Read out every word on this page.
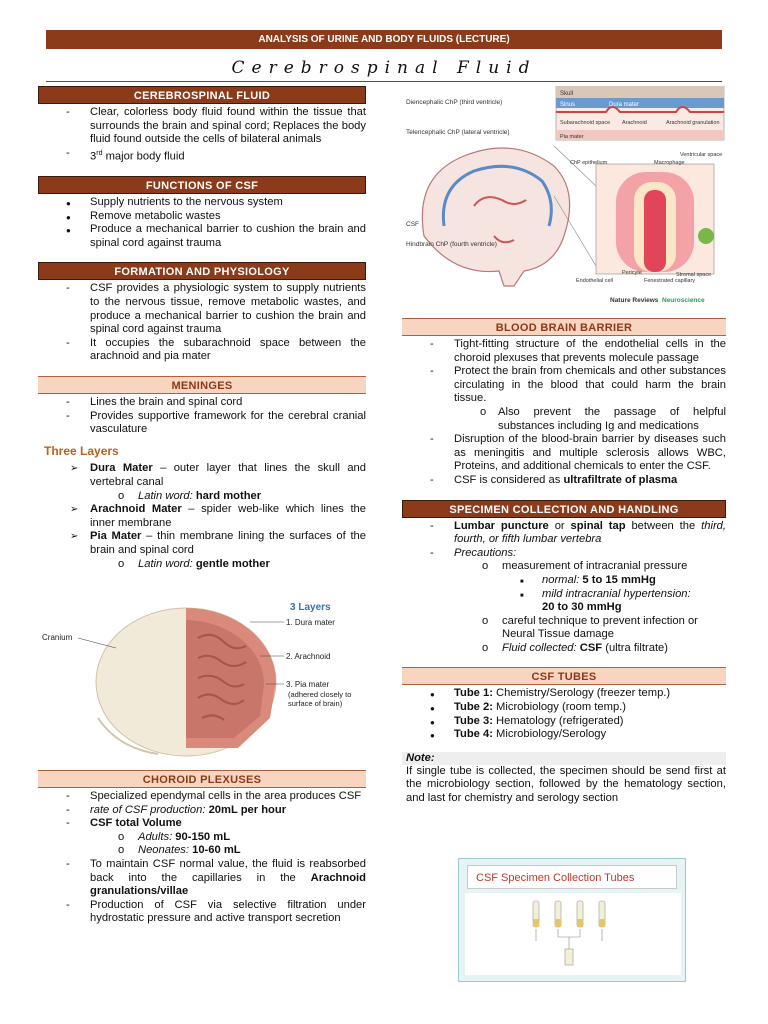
ANALYSIS OF URINE AND BODY FLUIDS (LECTURE)
Cerebrospinal Fluid
CEREBROSPINAL FLUID
- Clear, colorless body fluid found within the tissue that surrounds the brain and spinal cord; Replaces the body fluid found outside the cells of bilateral animals
- 3rd major body fluid
FUNCTIONS OF CSF
● Supply nutrients to the nervous system
● Remove metabolic wastes
● Produce a mechanical barrier to cushion the brain and spinal cord against trauma
FORMATION AND PHYSIOLOGY
- CSF provides a physiologic system to supply nutrients to the nervous tissue, remove metabolic wastes, and produce a mechanical barrier to cushion the brain and spinal cord against trauma
- It occupies the subarachnoid space between the arachnoid and pia mater
MENINGES
- Lines the brain and spinal cord
- Provides supportive framework for the cerebral cranial vasculature
Three Layers
➢ Dura Mater – outer layer that lines the skull and vertebral canal
o Latin word: hard mother
➢ Arachnoid Mater – spider web-like which lines the inner membrane
➢ Pia Mater – thin membrane lining the surfaces of the brain and spinal cord
o Latin word: gentle mother
3 Layers
Cranium
1. Dura mater
2. Arachnoid
3. Pia mater
(adhered closely to surface of brain)
CHOROID PLEXUSES
- Specialized ependymal cells in the area produces CSF
- rate of CSF production: 20mL per hour
- CSF total Volume
o Adults: 90-150 mL
o Neonates: 10-60 mL
- To maintain CSF normal value, the fluid is reabsorbed back into the capillaries in the Arachnoid granulations/villae
- Production of CSF via selective filtration under hydrostatic pressure and active transport secretion
Diencephalic ChP (third ventricle)
Telencephalic ChP (lateral ventricle)
CSF
Hindbrain ChP (fourth ventricle)
Skull
Sinus	Dura mater
Subarachnoid space Arachnoid	Arachnoid granulation
Pia mater
ChP epithelium	Macrophage
Ventricular space
Pericyte
Endothelial cell	Fenestrated capillary
Stromal space
Nature Reviews Neuroscience
BLOOD BRAIN BARRIER
- Tight-fitting structure of the endothelial cells in the choroid plexuses that prevents molecule passage
- Protect the brain from chemicals and other substances circulating in the blood that could harm the brain tissue.
o Also prevent the passage of helpful substances including Ig and medications
- Disruption of the blood-brain barrier by diseases such as meningitis and multiple sclerosis allows WBC, Proteins, and additional chemicals to enter the CSF.
- CSF is considered as ultrafiltrate of plasma
SPECIMEN COLLECTION AND HANDLING
- Lumbar puncture or spinal tap between the third, fourth, or fifth lumbar vertebra
- Precautions:
o measurement of intracranial pressure
■ normal: 5 to 15 mmHg
■ mild intracranial hypertension:
20 to 30 mmHg
o careful technique to prevent infection or Neural Tissue damage
o Fluid collected: CSF (ultra filtrate)
CSF TUBES
● Tube 1: Chemistry/Serology (freezer temp.)
● Tube 2: Microbiology (room temp.)
● Tube 3: Hematology (refrigerated)
● Tube 4: Microbiology/Serology
Note:
If single tube is collected, the specimen should be send first at the microbiology section, followed by the hematology section, and last for chemistry and serology section
CSF Specimen Collection Tubes
